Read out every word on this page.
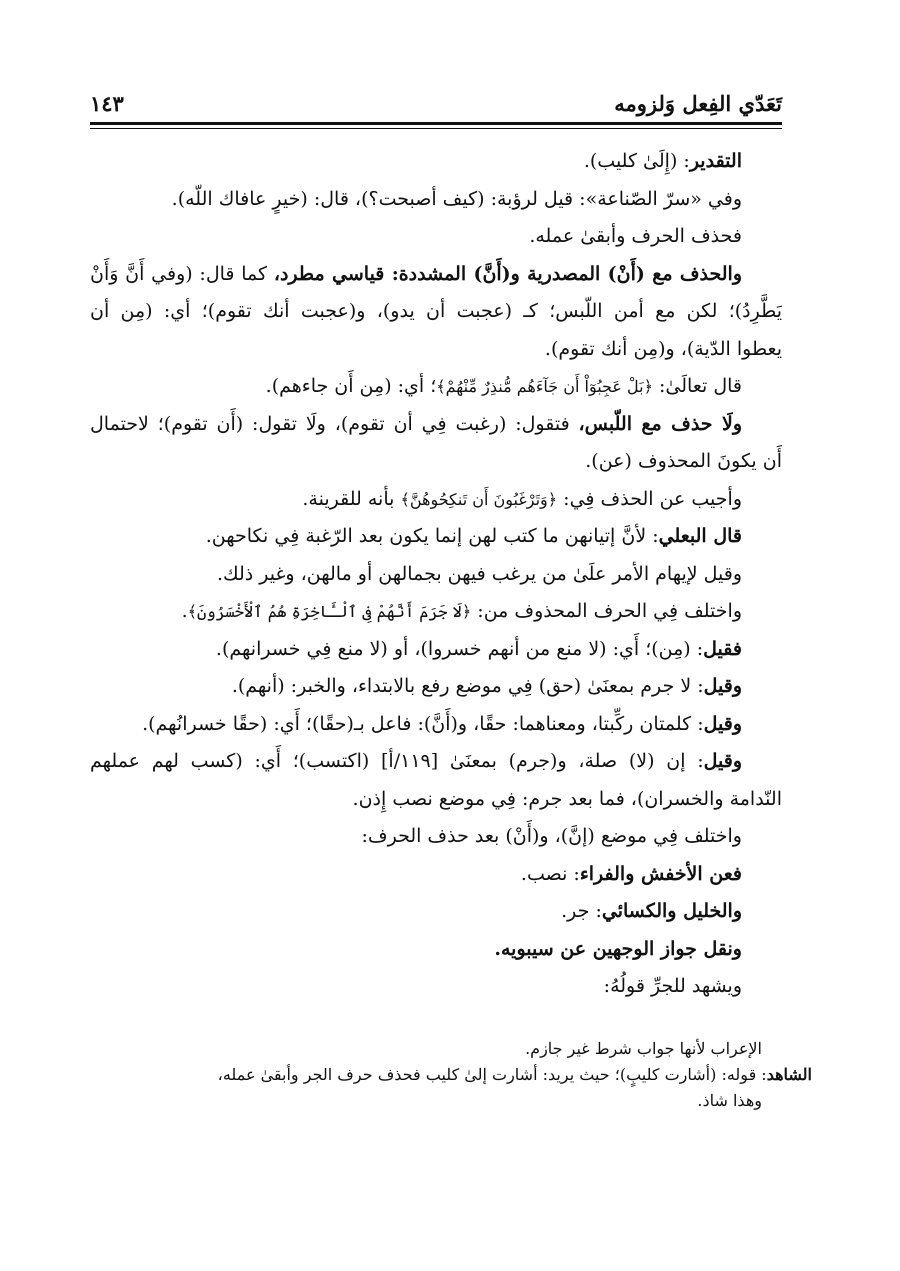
تَعَدّي الفِعل وَلزومه
١٤٣
التقدير: (إِلَىٰ كليب).
وفي «سرّ الصّناعة»: قيل لرؤبة: (كيف أصبحت؟)، قال: (خيرٍ عافاك اللّه).
فحذف الحرف وأبقىٰ عمله.
والحذف مع (أَنْ) المصدرية و(أَنَّ) المشددة: قياسي مطرد، كما قال: (وفي أَنَّ وَأَنْ
يَطَّرِدُ)؛ لكن مع أمن اللّبس؛ كـ (عجبت أن يدو)، و(عجبت أنك تقوم)؛ أي: (مِن أن
يعطوا الدّية)، و(مِن أنك تقوم).
قال تعالَىٰ: ﴿بَلْ عَجِبُوٓاْ أَن جَآءَهُم مُّنذِرٌ مِّنْهُمْ﴾؛ أي: (مِن أَن جاءهم).
ولَا حذف مع اللّبس، فتقول: (رغبت فِي أن تقوم)، ولَا تقول: (أَن تقوم)؛ لاحتمال
أَن يكونَ المحذوف (عن).
وأجيب عن الحذف فِي: ﴿وَتَرْغَبُونَ أَن تَنكِحُوهُنَّ﴾ بأنه للقرينة.
قال البعلي: لأنَّ إتيانهن ما كتب لهن إنما يكون بعد الرّغبة فِي نكاحهن.
وقيل لإيهام الأمر علَىٰ من يرغب فيهن بجمالهن أو مالهن، وغير ذلك.
واختلف فِي الحرف المحذوف من: ﴿لَا جَرَمَ أَنَّهُمْ فِى ٱلْـَٔاخِرَةِ هُمُ ٱلْأَخْسَرُونَ﴾.
فقيل: (مِن)؛ أَي: (لا منع من أنهم خسروا)، أو (لا منع فِي خسرانهم).
وقيل: لا جرم بمعنَىٰ (حق) فِي موضع رفع بالابتداء، والخبر: (أنهم).
وقيل: كلمتان ركِّبتا، ومعناهما: حقًا، و(أَنَّ): فاعل بـ(حقًا)؛ أَي: (حقًا خسرانُهم).
وقيل: إن (لا) صلة، و(جرم) بمعنَىٰ [١١٩/أ] (اكتسب)؛ أَي: (كسب لهم عملهم
النّدامة والخسران)، فما بعد جرم: فِي موضع نصب إِذن.
واختلف فِي موضع (إنَّ)، و(أَنْ) بعد حذف الحرف:
فعن الأخفش والفراء: نصب.
والخليل والكسائي: جر.
ونقل جواز الوجهين عن سيبويه.
ويشهد للجرِّ قولُهُ:
الإعراب لأنها جواب شرط غير جازم.
الشاهد: قوله: (أشارت كليبٍ)؛ حيث يريد: أشارت إلىٰ كليب فحذف حرف الجر وأبقىٰ عمله،
وهذا شاذ.
